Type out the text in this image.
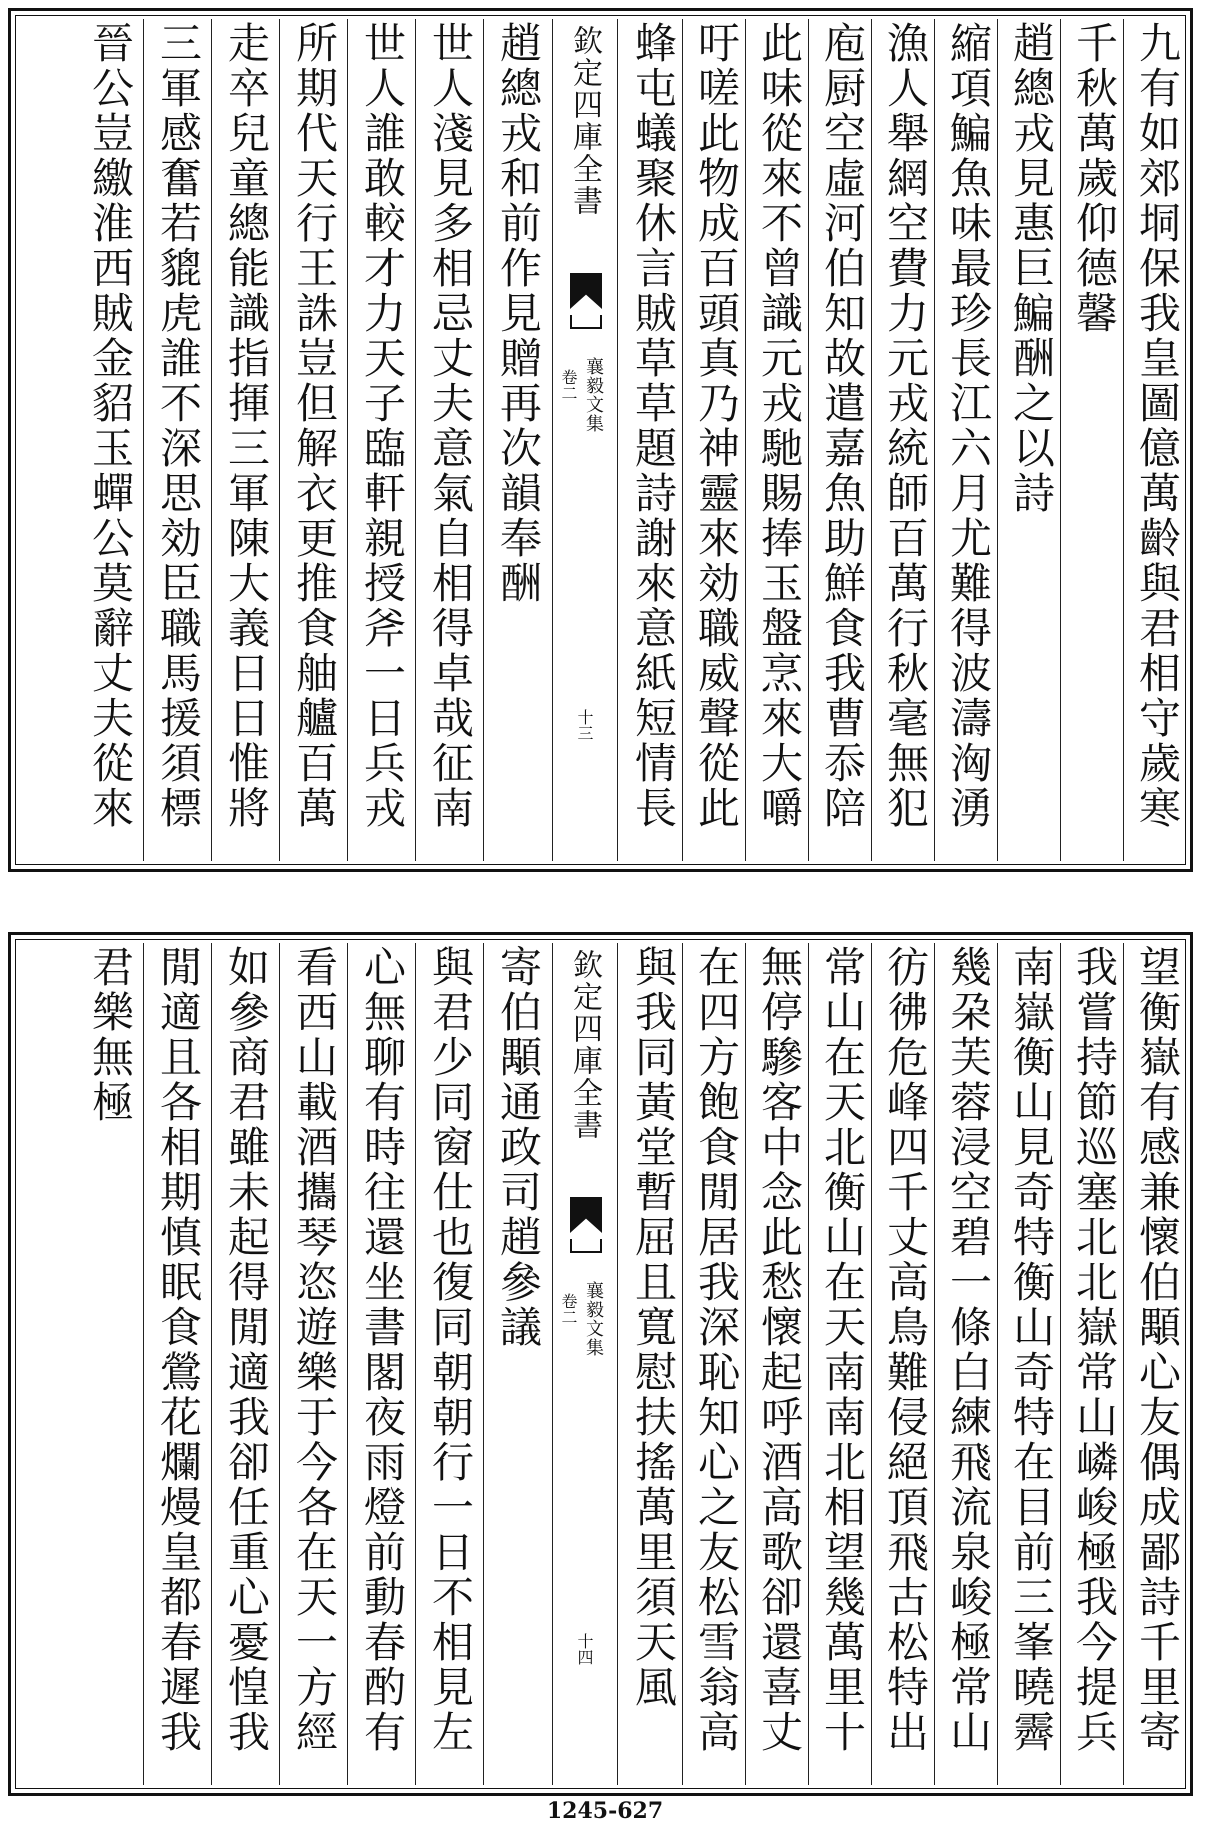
九有如郊垌保我皇圖億萬齡與君相守歲寒
千秋萬歲仰德馨
趙總戎見惠巨鯿酬之以詩
縮項鯿魚味最珍長江六月尤難得波濤洶湧
漁人舉網空費力元戎統師百萬行秋毫無犯
庖厨空虛河伯知故遣嘉魚助鮮食我曹忝陪
此味從來不曾識元戎馳賜捧玉盤烹來大嚼
吁嗟此物成百頭真乃神靈來効職威聲從此
蜂屯蟻聚休言賊草草題詩謝來意紙短情長
欽定四庫全書
襄毅文集
卷二
十三
趙總戎和前作見贈再次韻奉酬
世人淺見多相忌丈夫意氣自相得卓哉征南
世人誰敢較才力天子臨軒親授斧一日兵戎
所期代天行王誅豈但解衣更推食舳艫百萬
走卒兒童總能識指揮三軍陳大義日日惟將
三軍感奮若貔虎誰不深思効臣職馬援須標
晉公豈繳淮西賊金貂玉蟬公莫辭丈夫從來
望衡嶽有感兼懷伯顒心友偶成鄙詩千里寄
我嘗持節巡塞北北嶽常山嶙峻極我今提兵
南嶽衡山見奇特衡山奇特在目前三峯曉霽
幾朶芙蓉浸空碧一條白練飛流泉峻極常山
彷彿危峰四千丈高鳥難侵絕頂飛古松特出
常山在天北衡山在天南南北相望幾萬里十
無停驂客中念此愁懷起呼酒高歌卻還喜丈
在四方飽食閒居我深恥知心之友松雪翁高
與我同黃堂暫屈且寬慰扶搖萬里須天風
欽定四庫全書
襄毅文集
卷二
十四
寄伯顒通政司趙參議
與君少同窗仕也復同朝朝行一日不相見左
心無聊有時往還坐書閣夜雨燈前動春酌有
看西山載酒攜琴恣遊樂于今各在天一方經
如參商君雖未起得閒適我卻任重心憂惶我
閒適且各相期慎眠食鶯花爛熳皇都春遲我
君樂無極
1245-627
